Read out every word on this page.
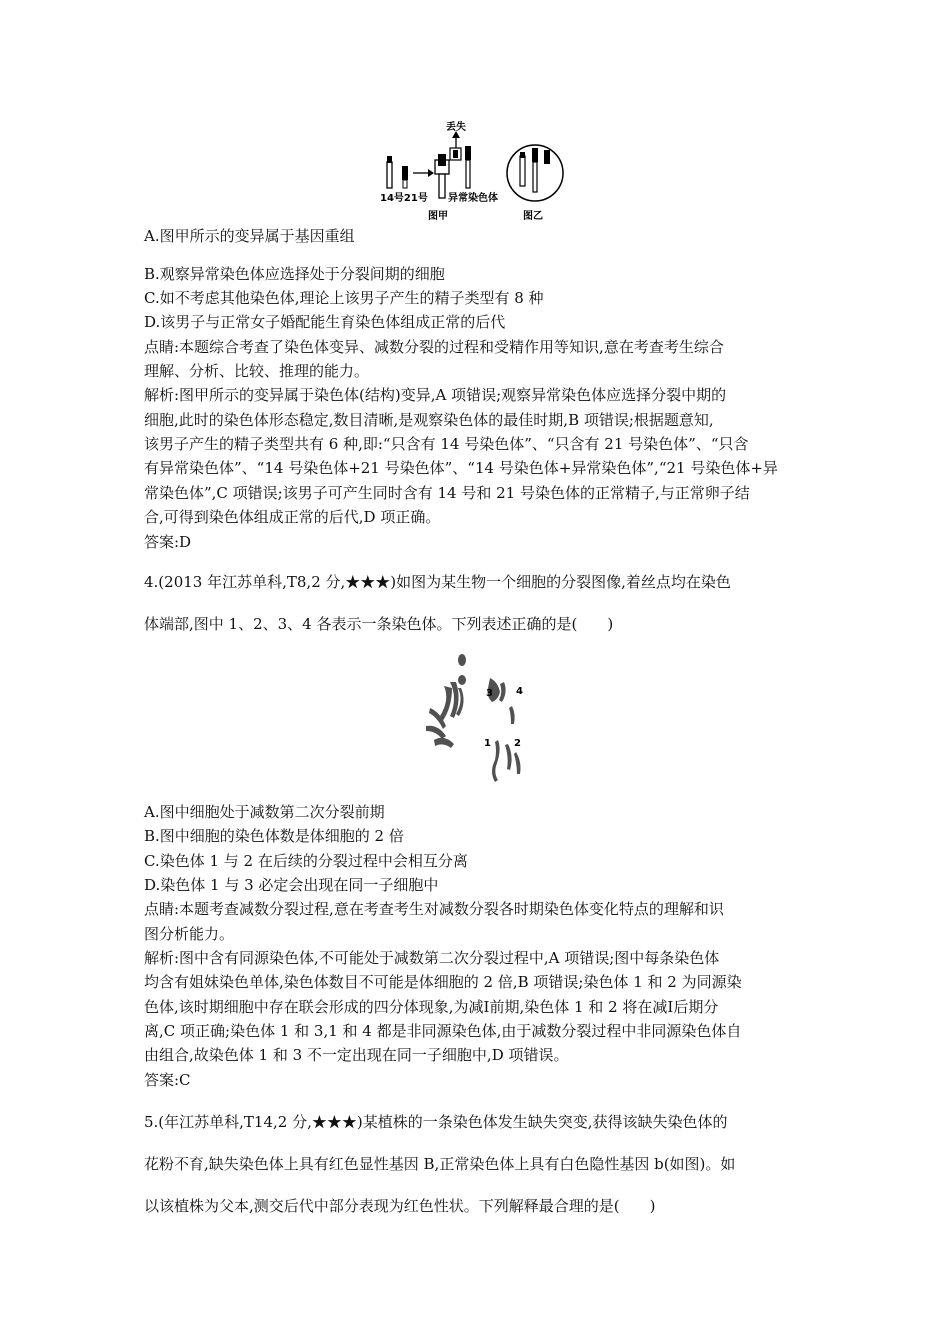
丢失
14号21号 异常染色体
图甲	图乙
A.图甲所示的变异属于基因重组
B.观察异常染色体应选择处于分裂间期的细胞
C.如不考虑其他染色体,理论上该男子产生的精子类型有 8 种
D.该男子与正常女子婚配能生育染色体组成正常的后代
点睛:本题综合考查了染色体变异、减数分裂的过程和受精作用等知识,意在考查考生综合
理解、分析、比较、推理的能力。
解析:图甲所示的变异属于染色体(结构)变异,A 项错误;观察异常染色体应选择分裂中期的
细胞,此时的染色体形态稳定,数目清晰,是观察染色体的最佳时期,B 项错误;根据题意知,
该男子产生的精子类型共有 6 种,即:“只含有 14 号染色体”、“只含有 21 号染色体”、“只含
有异常染色体”、“14 号染色体+21 号染色体”、“14 号染色体+异常染色体”,“21 号染色体+异
常染色体”,C 项错误;该男子可产生同时含有 14 号和 21 号染色体的正常精子,与正常卵子结
合,可得到染色体组成正常的后代,D 项正确。
答案:D
4.(2013 年江苏单科,T8,2 分,★★★)如图为某生物一个细胞的分裂图像,着丝点均在染色
体端部,图中 1、2、3、4 各表示一条染色体。下列表述正确的是(　　)
3 4
1 2
A.图中细胞处于减数第二次分裂前期
B.图中细胞的染色体数是体细胞的 2 倍
C.染色体 1 与 2 在后续的分裂过程中会相互分离
D.染色体 1 与 3 必定会出现在同一子细胞中
点睛:本题考查减数分裂过程,意在考查考生对减数分裂各时期染色体变化特点的理解和识
图分析能力。
解析:图中含有同源染色体,不可能处于减数第二次分裂过程中,A 项错误;图中每条染色体
均含有姐妹染色单体,染色体数目不可能是体细胞的 2 倍,B 项错误;染色体 1 和 2 为同源染
色体,该时期细胞中存在联会形成的四分体现象,为减Ⅰ前期,染色体 1 和 2 将在减Ⅰ后期分
离,C 项正确;染色体 1 和 3,1 和 4 都是非同源染色体,由于减数分裂过程中非同源染色体自
由组合,故染色体 1 和 3 不一定出现在同一子细胞中,D 项错误。
答案:C
5.(年江苏单科,T14,2 分,★★★)某植株的一条染色体发生缺失突变,获得该缺失染色体的
花粉不育,缺失染色体上具有红色显性基因 B,正常染色体上具有白色隐性基因 b(如图)。如
以该植株为父本,测交后代中部分表现为红色性状。下列解释最合理的是(　　)
